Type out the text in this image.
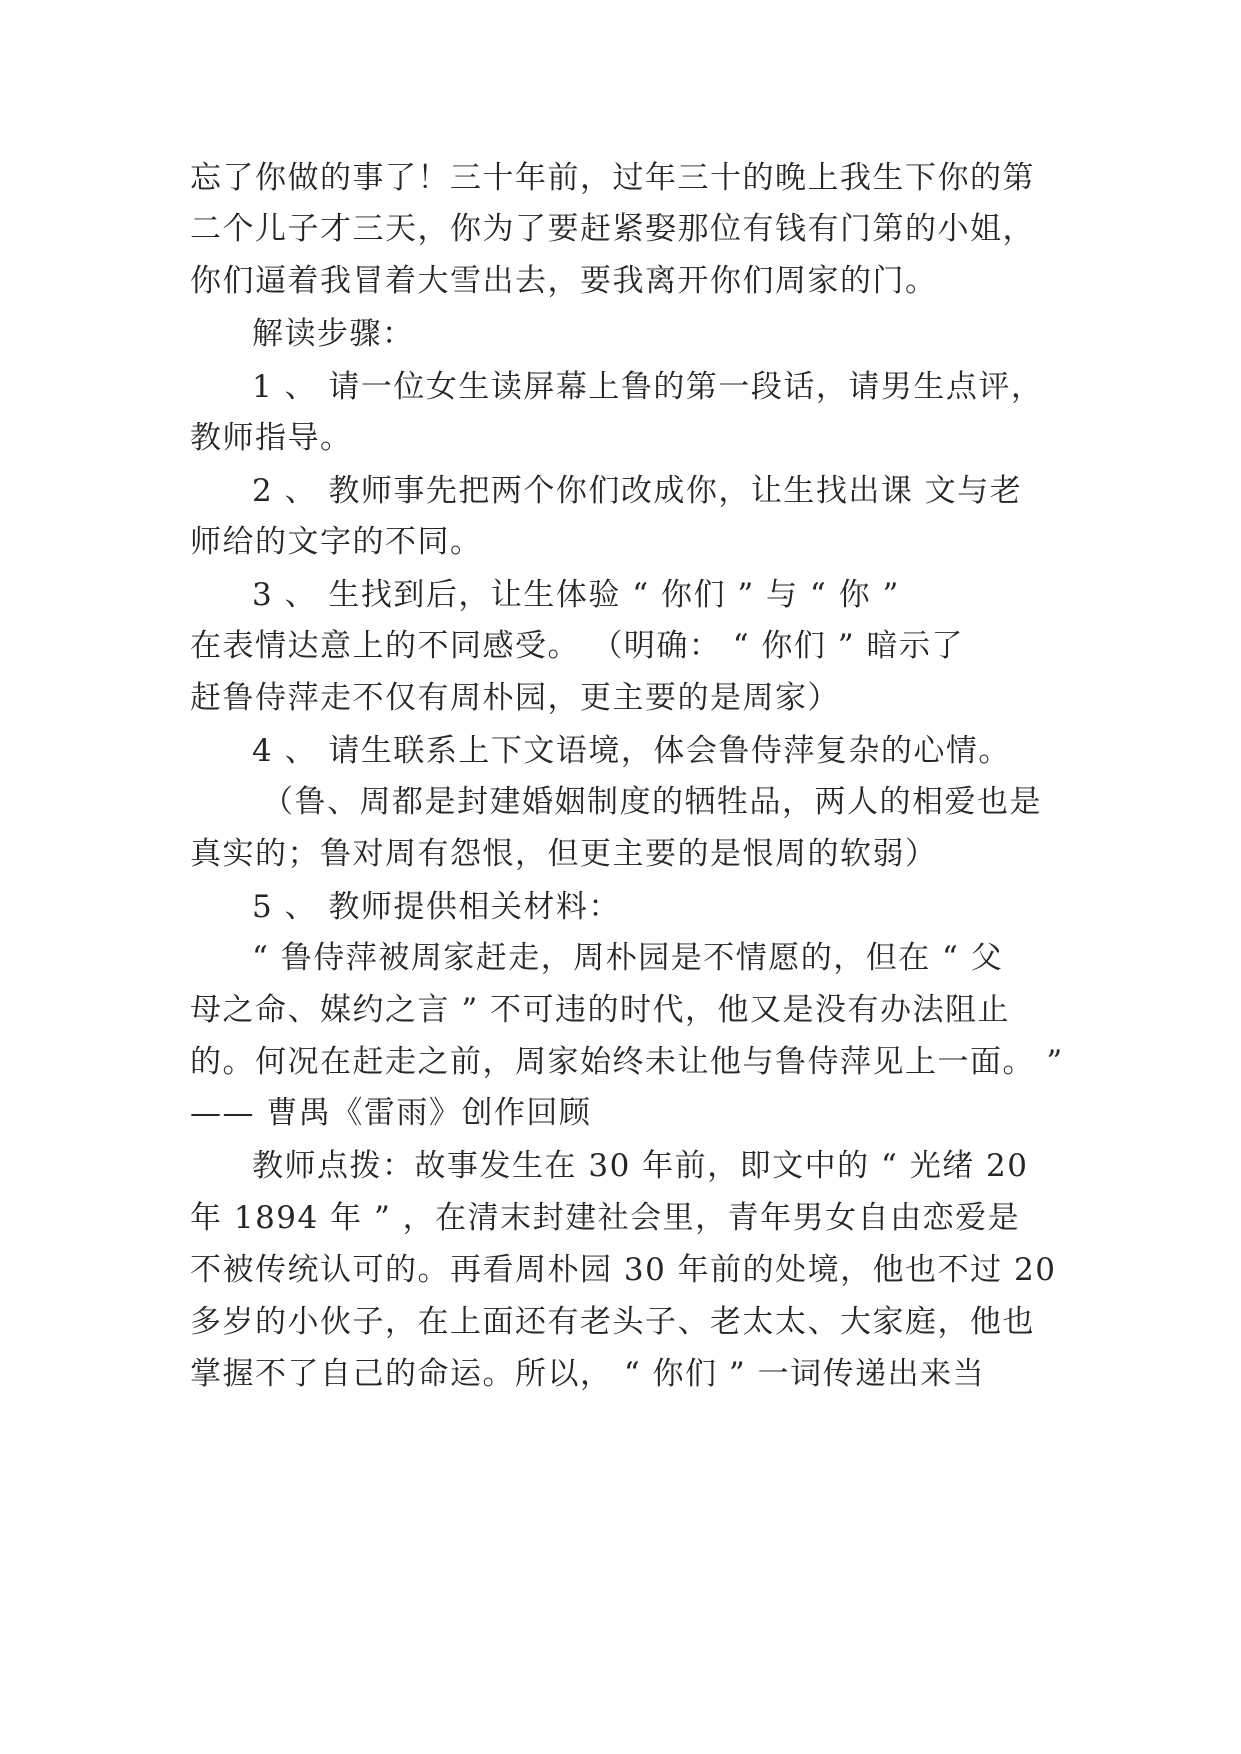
忘了你做的事了！三十年前，过年三十的晚上我生下你的第
二个儿子才三天，你为了要赶紧娶那位有钱有门第的小姐，
你们逼着我冒着大雪出去，要我离开你们周家的门。
解读步骤：
1 、 请一位女生读屏幕上鲁的第一段话，请男生点评，
教师指导。
2 、 教师事先把两个你们改成你，让生找出课 文与老
师给的文字的不同。
3 、 生找到后，让生体验 “ 你们 ” 与 “ 你 ”
在表情达意上的不同感受。 （明确： “ 你们 ” 暗示了
赶鲁侍萍走不仅有周朴园，更主要的是周家）
4 、 请生联系上下文语境，体会鲁侍萍复杂的心情。
（鲁、周都是封建婚姻制度的牺牲品，两人的相爱也是
真实的；鲁对周有怨恨，但更主要的是恨周的软弱）
5 、 教师提供相关材料：
“ 鲁侍萍被周家赶走，周朴园是不情愿的，但在 “ 父
母之命、媒约之言 ” 不可违的时代，他又是没有办法阻止
的。何况在赶走之前，周家始终未让他与鲁侍萍见上一面。 ”
—— 曹禺《雷雨》创作回顾
教师点拨：故事发生在 30 年前，即文中的 “ 光绪 20
年 1894 年 ” ，在清末封建社会里，青年男女自由恋爱是
不被传统认可的。再看周朴园 30 年前的处境，他也不过 20
多岁的小伙子，在上面还有老头子、老太太、大家庭，他也
掌握不了自己的命运。所以， “ 你们 ” 一词传递出来当
